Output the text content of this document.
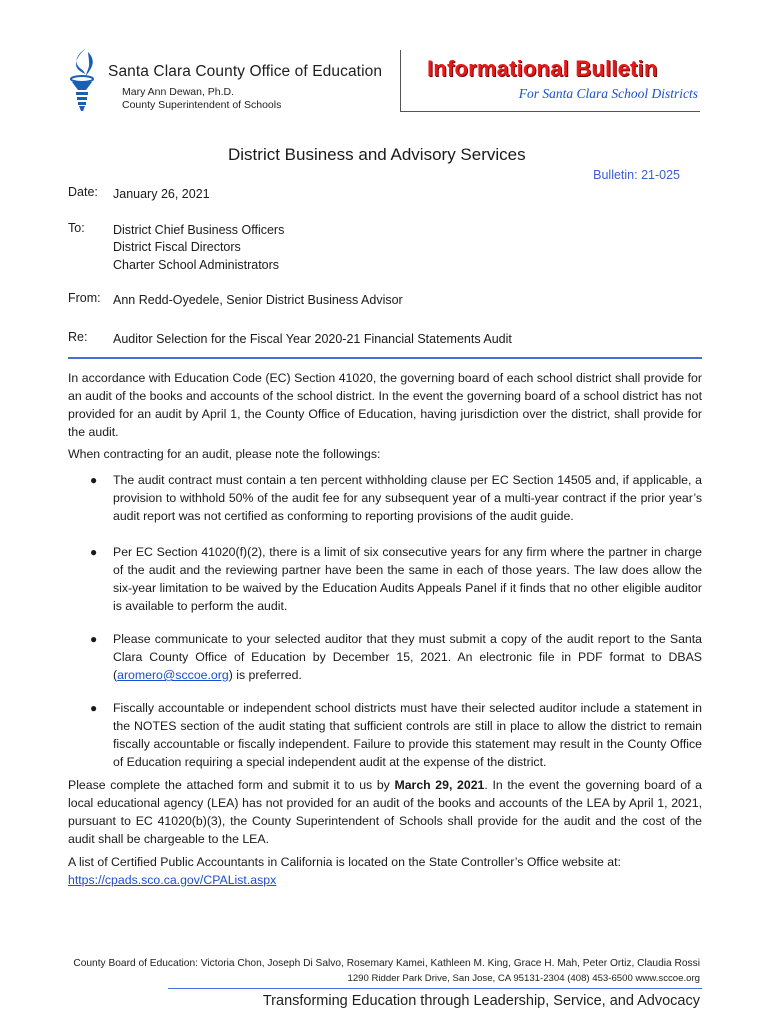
Santa Clara County Office of Education
Mary Ann Dewan, Ph.D.
County Superintendent of Schools
Informational Bulletin
For Santa Clara School Districts
District Business and Advisory Services
Bulletin: 21-025
Date: January 26, 2021
To: District Chief Business Officers
District Fiscal Directors
Charter School Administrators
From: Ann Redd-Oyedele, Senior District Business Advisor
Re: Auditor Selection for the Fiscal Year 2020-21 Financial Statements Audit
In accordance with Education Code (EC) Section 41020, the governing board of each school district shall provide for an audit of the books and accounts of the school district. In the event the governing board of a school district has not provided for an audit by April 1, the County Office of Education, having jurisdiction over the district, shall provide for the audit.
When contracting for an audit, please note the followings:
● The audit contract must contain a ten percent withholding clause per EC Section 14505 and, if applicable, a provision to withhold 50% of the audit fee for any subsequent year of a multi-year contract if the prior year’s audit report was not certified as conforming to reporting provisions of the audit guide.
● Per EC Section 41020(f)(2), there is a limit of six consecutive years for any firm where the partner in charge of the audit and the reviewing partner have been the same in each of those years. The law does allow the six-year limitation to be waived by the Education Audits Appeals Panel if it finds that no other eligible auditor is available to perform the audit.
● Please communicate to your selected auditor that they must submit a copy of the audit report to the Santa Clara County Office of Education by December 15, 2021. An electronic file in PDF format to DBAS (aromero@sccoe.org) is preferred.
● Fiscally accountable or independent school districts must have their selected auditor include a statement in the NOTES section of the audit stating that sufficient controls are still in place to allow the district to remain fiscally accountable or fiscally independent. Failure to provide this statement may result in the County Office of Education requiring a special independent audit at the expense of the district.
Please complete the attached form and submit it to us by March 29, 2021. In the event the governing board of a local educational agency (LEA) has not provided for an audit of the books and accounts of the LEA by April 1, 2021, pursuant to EC 41020(b)(3), the County Superintendent of Schools shall provide for the audit and the cost of the audit shall be chargeable to the LEA.
A list of Certified Public Accountants in California is located on the State Controller’s Office website at:
https://cpads.sco.ca.gov/CPAList.aspx
County Board of Education: Victoria Chon, Joseph Di Salvo, Rosemary Kamei, Kathleen M. King, Grace H. Mah, Peter Ortiz, Claudia Rossi
1290 Ridder Park Drive, San Jose, CA 95131-2304 (408) 453-6500 www.sccoe.org
Transforming Education through Leadership, Service, and Advocacy
